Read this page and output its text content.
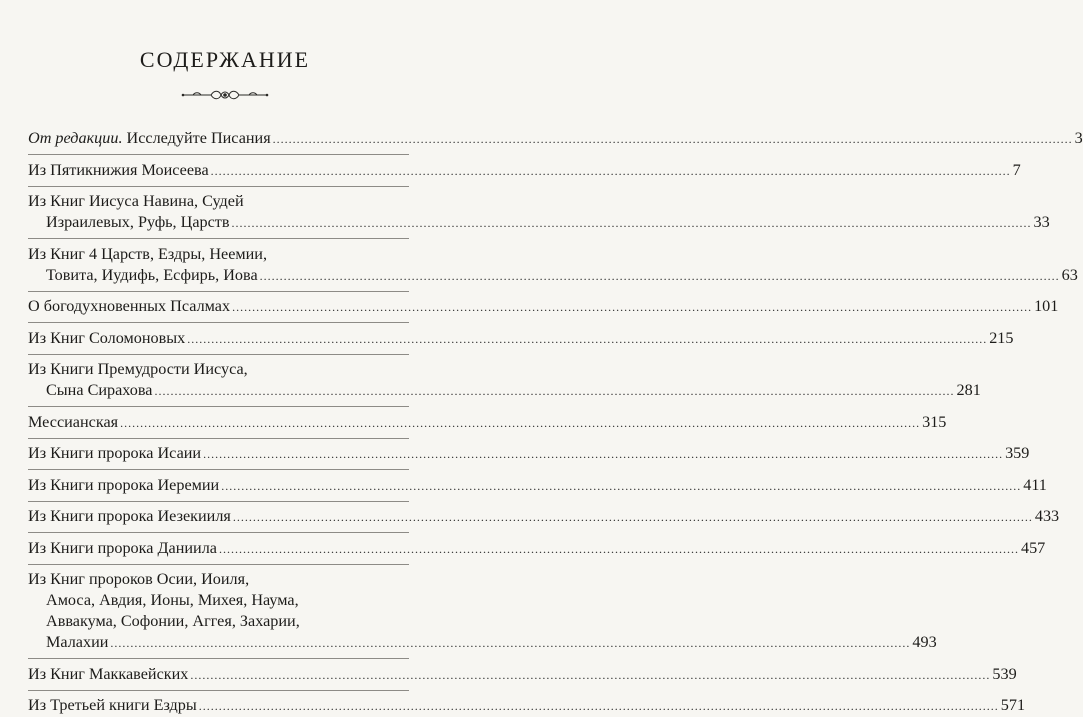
СОДЕРЖАНИЕ
От редакции. Исследуйте Писания ........................................................................................................................................................................................................ 3
Из Пятикнижия Моисеева ........................................................................................................................................................................................................ 7
Из Книг Иисуса Навина, Судей
Израилевых, Руфь, Царств ........................................................................................................................................................................................................ 33
Из Книг 4 Царств, Ездры, Неемии,
Товита, Иудифь, Есфирь, Иова ........................................................................................................................................................................................................ 63
О богодухновенных Псалмах ........................................................................................................................................................................................................ 101
Из Книг Соломоновых ........................................................................................................................................................................................................ 215
Из Книги Премудрости Иисуса,
Сына Сирахова ........................................................................................................................................................................................................ 281
Мессианская ........................................................................................................................................................................................................ 315
Из Книги пророка Исаии ........................................................................................................................................................................................................ 359
Из Книги пророка Иеремии ........................................................................................................................................................................................................ 411
Из Книги пророка Иезекииля ........................................................................................................................................................................................................ 433
Из Книги пророка Даниила ........................................................................................................................................................................................................ 457
Из Книг пророков Осии, Иоиля,
Амоса, Авдия, Ионы, Михея, Наума,
Аввакума, Софонии, Аггея, Захарии,
Малахии ........................................................................................................................................................................................................ 493
Из Книг Маккавейских ........................................................................................................................................................................................................ 539
Из Третьей книги Ездры ........................................................................................................................................................................................................ 571
